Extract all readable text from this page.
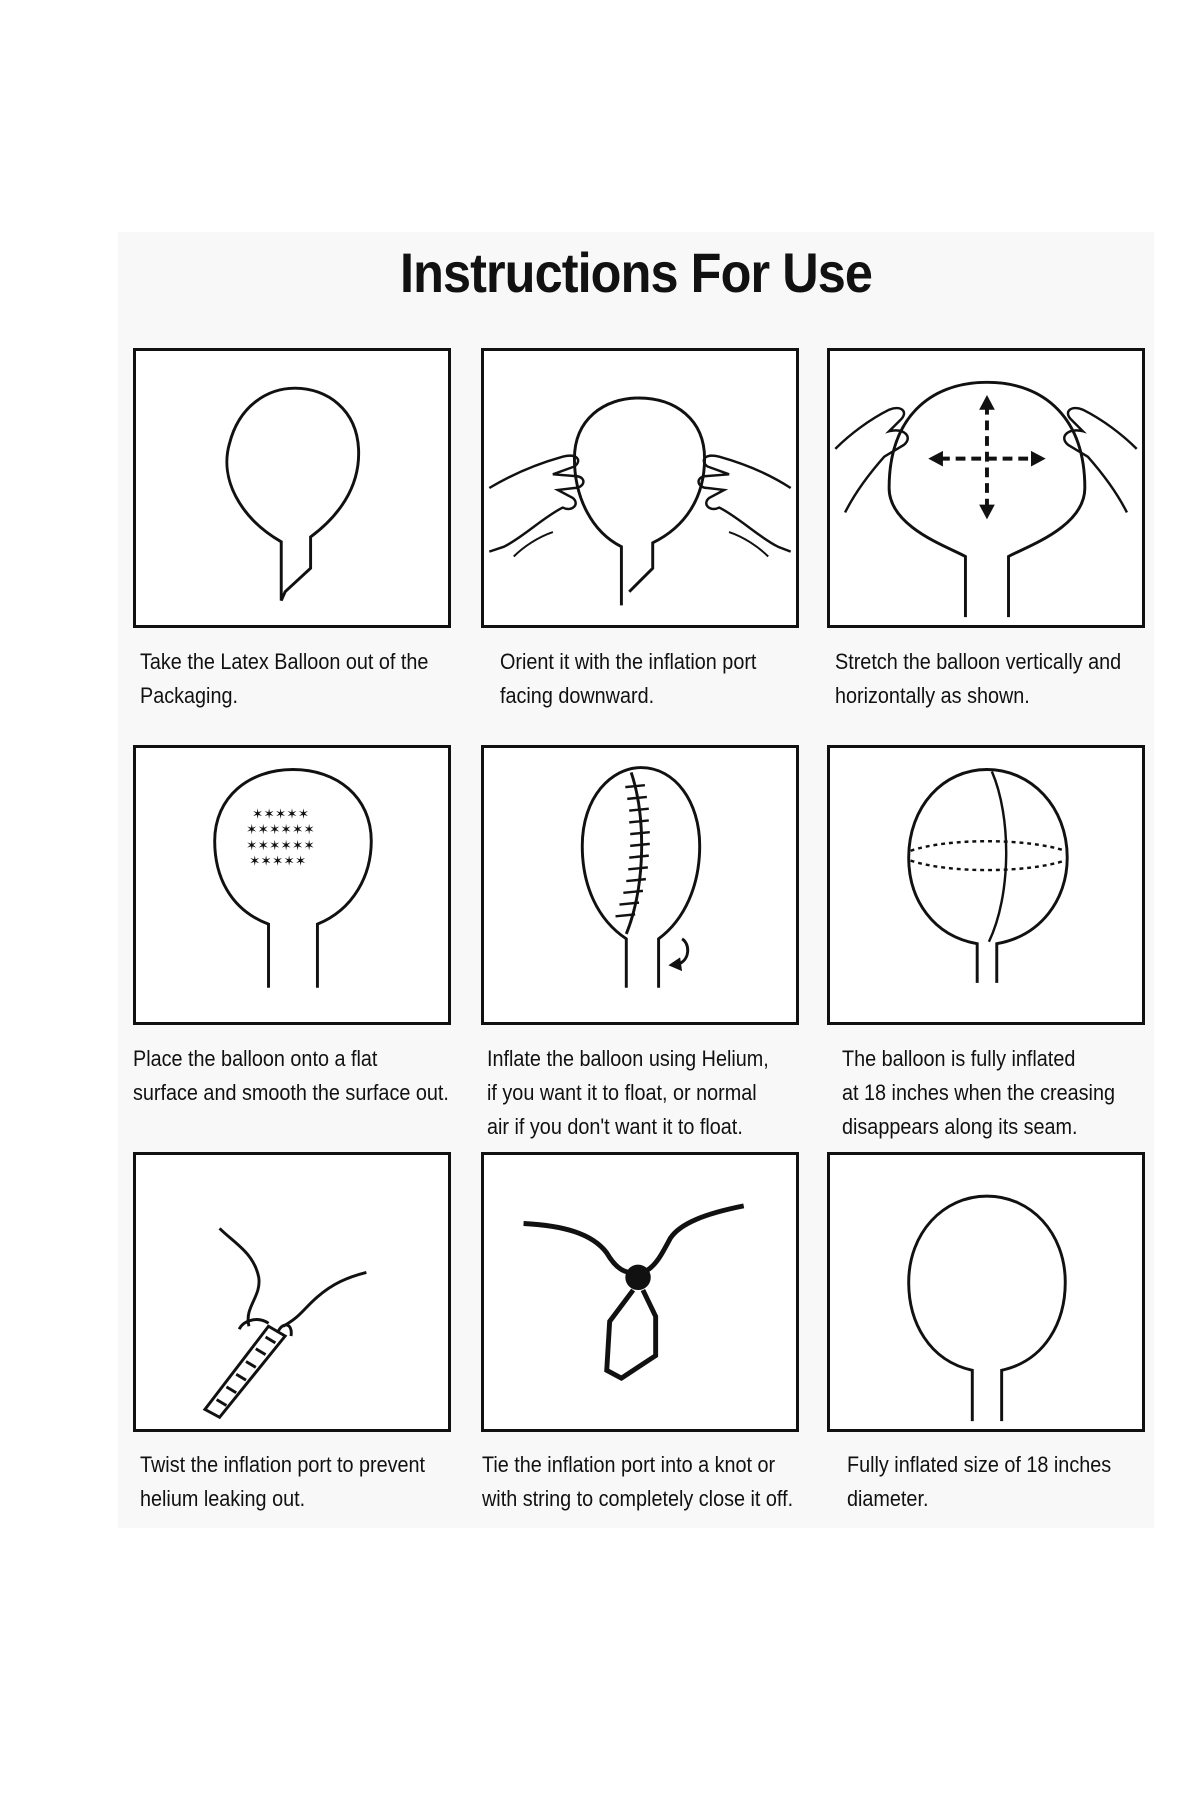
Instructions For Use
Take the Latex Balloon out of the
Packaging.
Orient it with the inflation port
facing downward.
Stretch the balloon vertically and
horizontally as shown.
✶✶✶✶✶
✶✶✶✶✶✶
✶✶✶✶✶✶
✶✶✶✶✶
Place the balloon onto a flat
surface and smooth the surface out.
Inflate the balloon using Helium,
if you want it to float, or normal
air if you don't want it to float.
The balloon is fully inflated
at 18 inches when the creasing
disappears along its seam.
Twist the inflation port to prevent
helium leaking out.
Tie the inflation port into a knot or
with string to completely close it off.
Fully inflated size of 18 inches
diameter.
